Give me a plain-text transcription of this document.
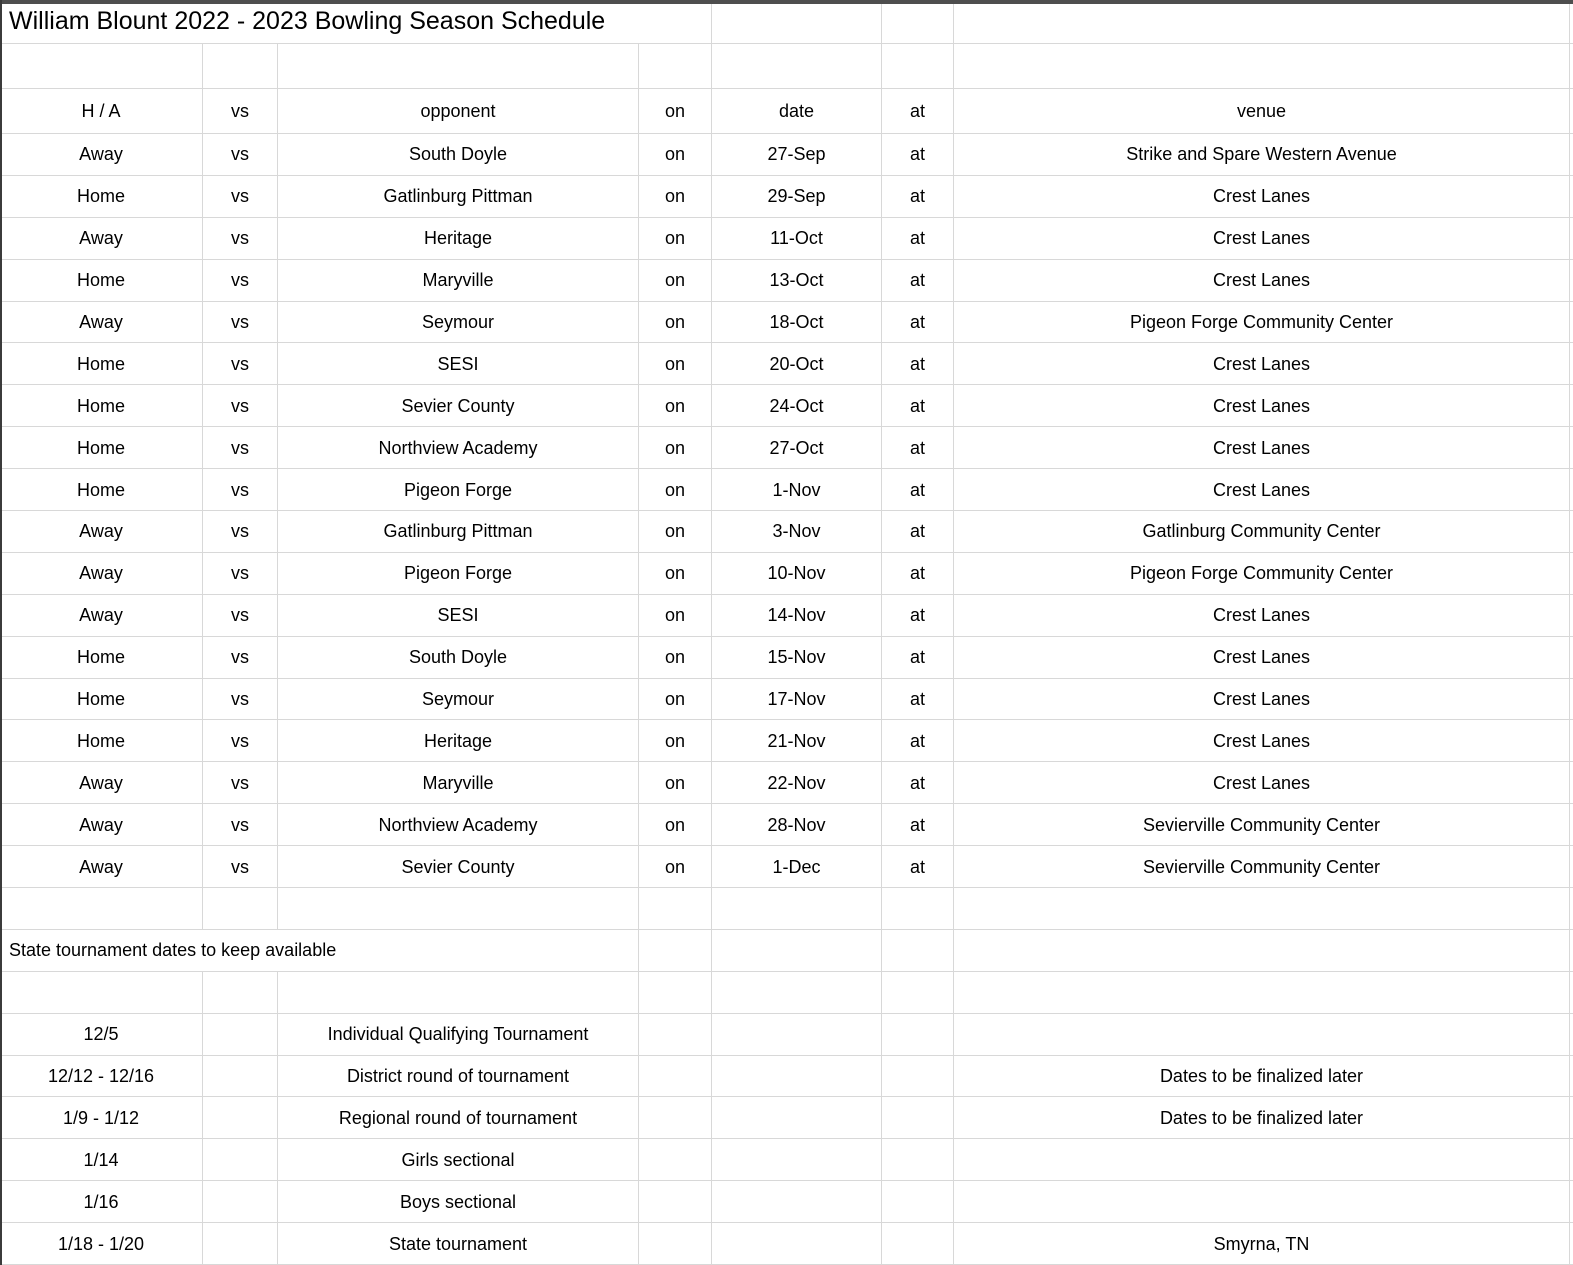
William Blount 2022 - 2023 Bowling Season Schedule
H / A	vs	opponent	on	date	at	venue
Away	vs	South Doyle	on	27-Sep	at	Strike and Spare Western Avenue
Home	vs	Gatlinburg Pittman	on	29-Sep	at	Crest Lanes
Away	vs	Heritage	on	11-Oct	at	Crest Lanes
Home	vs	Maryville	on	13-Oct	at	Crest Lanes
Away	vs	Seymour	on	18-Oct	at	Pigeon Forge Community Center
Home	vs	SESI	on	20-Oct	at	Crest Lanes
Home	vs	Sevier County	on	24-Oct	at	Crest Lanes
Home	vs	Northview Academy	on	27-Oct	at	Crest Lanes
Home	vs	Pigeon Forge	on	1-Nov	at	Crest Lanes
Away	vs	Gatlinburg Pittman	on	3-Nov	at	Gatlinburg Community Center
Away	vs	Pigeon Forge	on	10-Nov	at	Pigeon Forge Community Center
Away	vs	SESI	on	14-Nov	at	Crest Lanes
Home	vs	South Doyle	on	15-Nov	at	Crest Lanes
Home	vs	Seymour	on	17-Nov	at	Crest Lanes
Home	vs	Heritage	on	21-Nov	at	Crest Lanes
Away	vs	Maryville	on	22-Nov	at	Crest Lanes
Away	vs	Northview Academy	on	28-Nov	at	Sevierville Community Center
Away	vs	Sevier County	on	1-Dec	at	Sevierville Community Center
State tournament dates to keep available
12/5	Individual Qualifying Tournament
12/12 - 12/16	District round of tournament	Dates to be finalized later
1/9 - 1/12	Regional round of tournament	Dates to be finalized later
1/14	Girls sectional
1/16	Boys sectional
1/18 - 1/20	State tournament	Smyrna, TN
